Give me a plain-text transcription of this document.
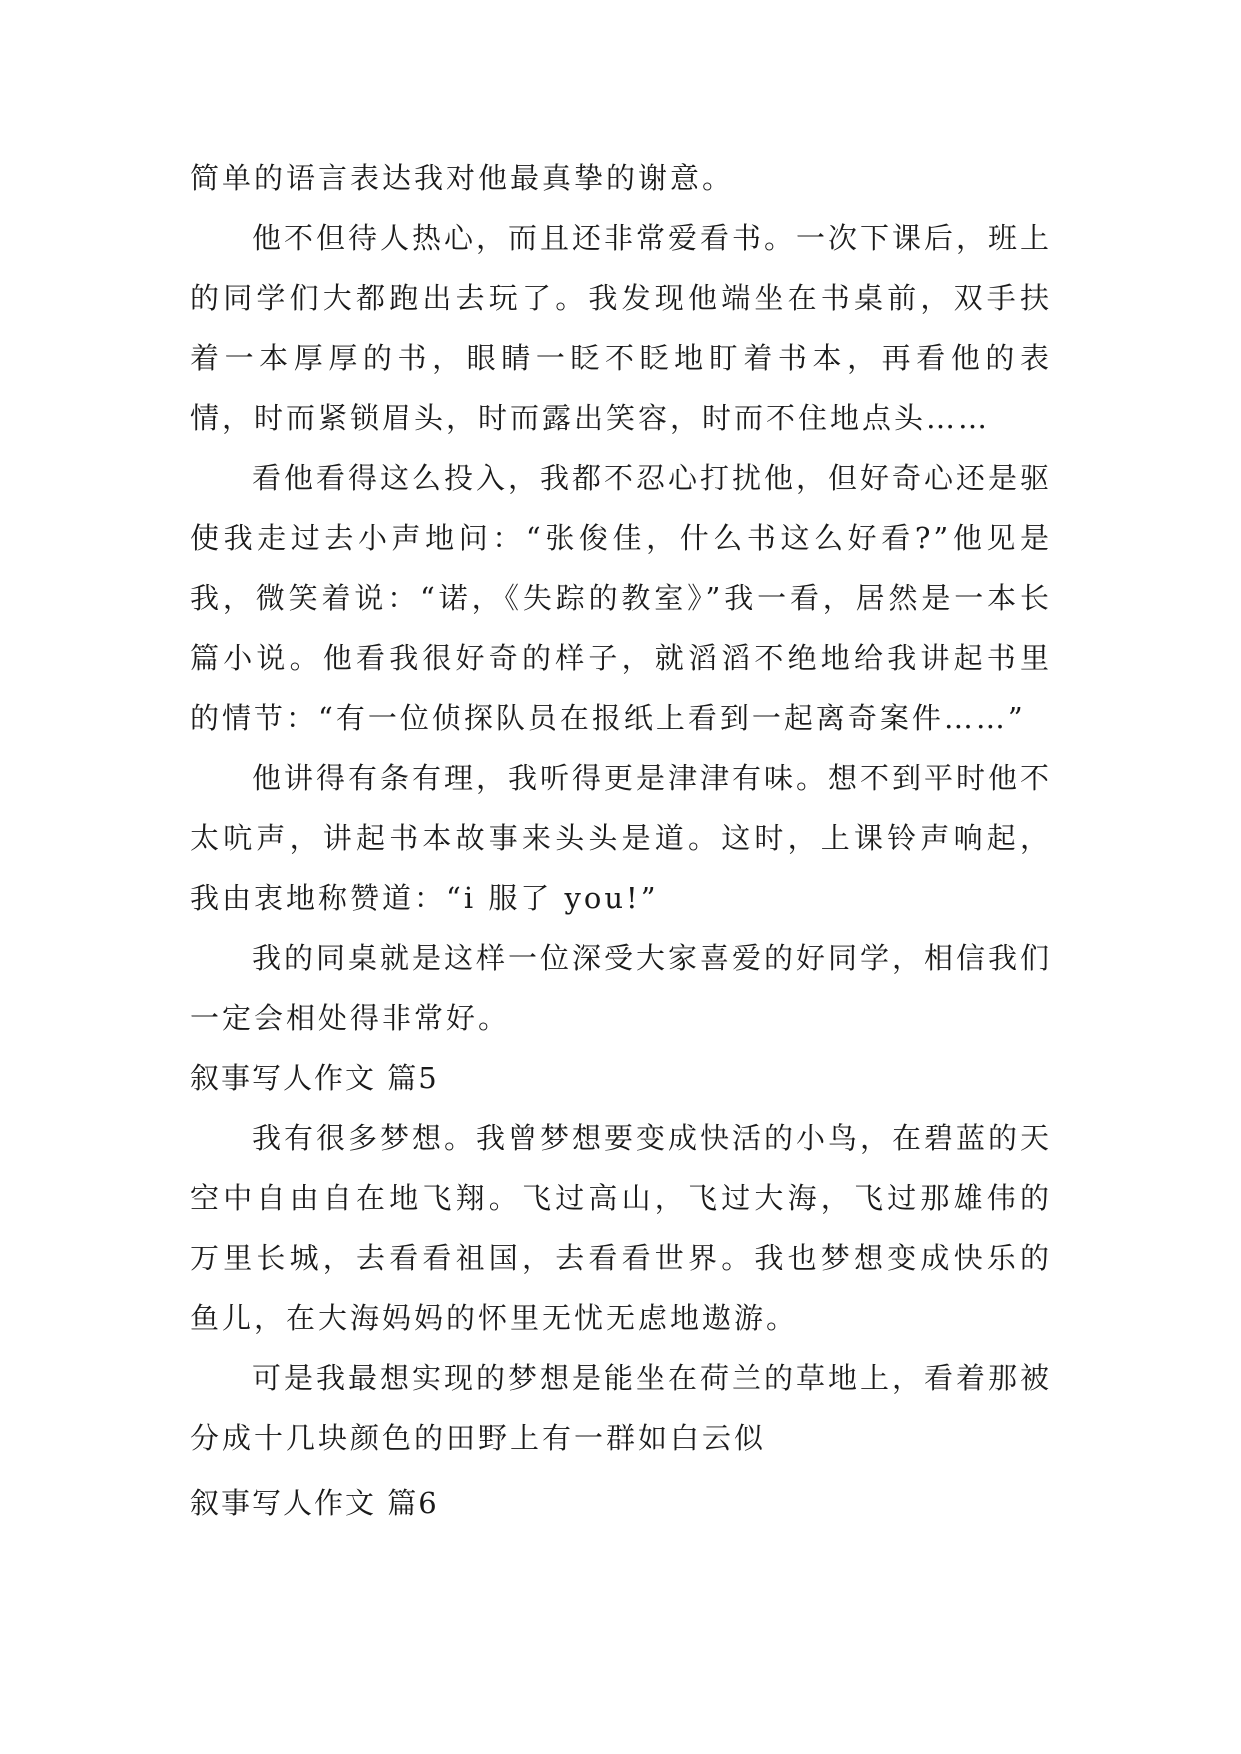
简单的语言表达我对他最真挚的谢意。

他不但待人热心，而且还非常爱看书。一次下课后，班上的同学们大都跑出去玩了。我发现他端坐在书桌前，双手扶着一本厚厚的书，眼睛一眨不眨地盯着书本，再看他的表情，时而紧锁眉头，时而露出笑容，时而不住地点头……

看他看得这么投入，我都不忍心打扰他，但好奇心还是驱使我走过去小声地问：“张俊佳，什么书这么好看?”他见是我，微笑着说：“诺，《失踪的教室》”我一看，居然是一本长篇小说。他看我很好奇的样子，就滔滔不绝地给我讲起书里的情节：“有一位侦探队员在报纸上看到一起离奇案件……”

他讲得有条有理，我听得更是津津有味。想不到平时他不太吭声，讲起书本故事来头头是道。这时，上课铃声响起，我由衷地称赞道：“i 服了 you!”

我的同桌就是这样一位深受大家喜爱的好同学，相信我们一定会相处得非常好。

叙事写人作文 篇5

我有很多梦想。我曾梦想要变成快活的小鸟，在碧蓝的天空中自由自在地飞翔。飞过高山，飞过大海，飞过那雄伟的万里长城，去看看祖国，去看看世界。我也梦想变成快乐的鱼儿，在大海妈妈的怀里无忧无虑地遨游。

可是我最想实现的梦想是能坐在荷兰的草地上，看着那被分成十几块颜色的田野上有一群如白云似

叙事写人作文 篇6
